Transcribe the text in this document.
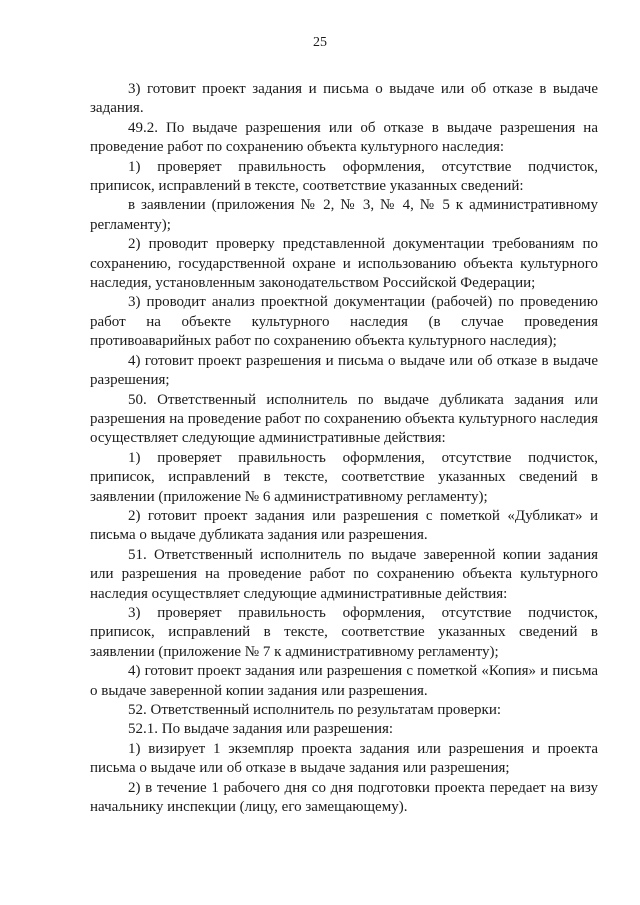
25

3) готовит проект задания и письма о выдаче или об отказе в выдаче задания.

49.2. По выдаче разрешения или об отказе в выдаче разрешения на проведение работ по сохранению объекта культурного наследия:

1) проверяет правильность оформления, отсутствие подчисток, приписок, исправлений в тексте, соответствие указанных сведений:

в заявлении (приложения № 2, № 3, № 4, № 5 к административному регламенту);

2) проводит проверку представленной документации требованиям по сохранению, государственной охране и использованию объекта культурного наследия, установленным законодательством Российской Федерации;

3) проводит анализ проектной документации (рабочей) по проведению работ на объекте культурного наследия (в случае проведения противоаварийных работ по сохранению объекта культурного наследия);

4) готовит проект разрешения и письма о выдаче или об отказе в выдаче разрешения;

50. Ответственный исполнитель по выдаче дубликата задания или разрешения на проведение работ по сохранению объекта культурного наследия осуществляет следующие административные действия:

1) проверяет правильность оформления, отсутствие подчисток, приписок, исправлений в тексте, соответствие указанных сведений в заявлении (приложение № 6 административному регламенту);

2) готовит проект задания или разрешения с пометкой «Дубликат» и письма о выдаче дубликата задания или разрешения.

51. Ответственный исполнитель по выдаче заверенной копии задания или разрешения на проведение работ по сохранению объекта культурного наследия осуществляет следующие административные действия:

3) проверяет правильность оформления, отсутствие подчисток, приписок, исправлений в тексте, соответствие указанных сведений в заявлении (приложение № 7 к административному регламенту);

4) готовит проект задания или разрешения с пометкой «Копия» и письма о выдаче заверенной копии задания или разрешения.

52. Ответственный исполнитель по результатам проверки:

52.1. По выдаче задания или разрешения:

1) визирует 1 экземпляр проекта задания или разрешения и проекта письма о выдаче или об отказе в выдаче задания или разрешения;

2) в течение 1 рабочего дня со дня подготовки проекта передает на визу начальнику инспекции (лицу, его замещающему).
